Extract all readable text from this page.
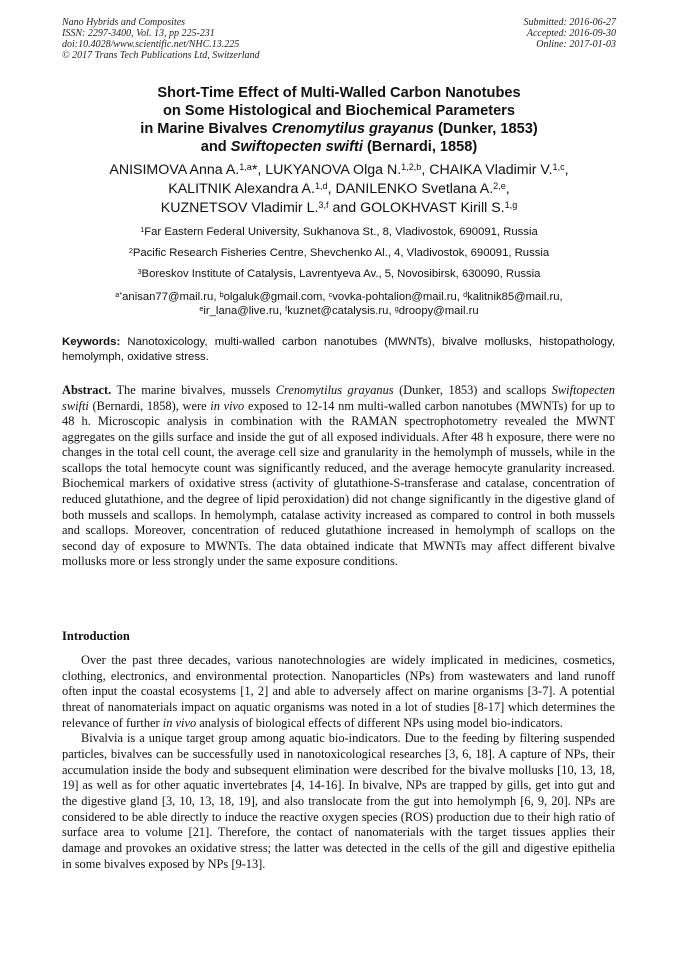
Nano Hybrids and Composites
ISSN: 2297-3400, Vol. 13, pp 225-231
doi:10.4028/www.scientific.net/NHC.13.225
© 2017 Trans Tech Publications Ltd, Switzerland
Submitted: 2016-06-27
Accepted: 2016-09-30
Online: 2017-01-03
Short-Time Effect of Multi-Walled Carbon Nanotubes
on Some Histological and Biochemical Parameters
in Marine Bivalves Crenomytilus grayanus (Dunker, 1853)
and Swiftopecten swifti (Bernardi, 1858)

ANISIMOVA Anna A.$^{1,a}$*, LUKYANOVA Olga N.$^{1,2,b}$, CHAIKA Vladimir V.$^{1,c}$,
KALITNIK Alexandra A.$^{1,d}$, DANILENKO Svetlana A.$^{2,e}$,
KUZNETSOV Vladimir L.$^{3,f}$ and GOLOKHVAST Kirill S.$^{1,g}$

$^1$Far Eastern Federal University, Sukhanova St., 8, Vladivostok, 690091, Russia

$^2$Pacific Research Fisheries Centre, Shevchenko Al., 4, Vladivostok, 690091, Russia

$^3$Boreskov Institute of Catalysis, Lavrentyeva Av., 5, Novosibirsk, 630090, Russia

$^{a*}$anisan77@mail.ru, $^b$olgaluk@gmail.com, $^c$vovka-pohtalion@mail.ru, $^d$kalitnik85@mail.ru,
$^e$ir_lana@live.ru, $^f$kuznet@catalysis.ru, $^g$droopy@mail.ru

Keywords: Nanotoxicology, multi-walled carbon nanotubes (MWNTs), bivalve mollusks, histopathology, hemolymph, oxidative stress.

Abstract. The marine bivalves, mussels Crenomytilus grayanus (Dunker, 1853) and scallops Swiftopecten swifti (Bernardi, 1858), were in vivo exposed to 12-14 nm multi-walled carbon nanotubes (MWNTs) for up to 48 h. Microscopic analysis in combination with the RAMAN spectrophotometry revealed the MWNT aggregates on the gills surface and inside the gut of all exposed individuals. After 48 h exposure, there were no changes in the total cell count, the average cell size and granularity in the hemolymph of mussels, while in the scallops the total hemocyte count was significantly reduced, and the average hemocyte granularity increased. Biochemical markers of oxidative stress (activity of glutathione-S-transferase and catalase, concentration of reduced glutathione, and the degree of lipid peroxidation) did not change significantly in the digestive gland of both mussels and scallops. In hemolymph, catalase activity increased as compared to control in both mussels and scallops. Moreover, concentration of reduced glutathione increased in hemolymph of scallops on the second day of exposure to MWNTs. The data obtained indicate that MWNTs may affect different bivalve mollusks more or less strongly under the same exposure conditions.

Introduction

Over the past three decades, various nanotechnologies are widely implicated in medicines, cosmetics, clothing, electronics, and environmental protection. Nanoparticles (NPs) from wastewaters and land runoff often input the coastal ecosystems [1, 2] and able to adversely affect on marine organisms [3-7]. A potential threat of nanomaterials impact on aquatic organisms was noted in a lot of studies [8-17] which determines the relevance of further in vivo analysis of biological effects of different NPs using model bio-indicators.

Bivalvia is a unique target group among aquatic bio-indicators. Due to the feeding by filtering suspended particles, bivalves can be successfully used in nanotoxicological researches [3, 6, 18]. A capture of NPs, their accumulation inside the body and subsequent elimination were described for the bivalve mollusks [10, 13, 18, 19] as well as for other aquatic invertebrates [4, 14-16]. In bivalve, NPs are trapped by gills, get into gut and the digestive gland [3, 10, 13, 18, 19], and also translocate from the gut into hemolymph [6, 9, 20]. NPs are considered to be able directly to induce the reactive oxygen species (ROS) production due to their high ratio of surface area to volume [21]. Therefore, the contact of nanomaterials with the target tissues applies their damage and provokes an oxidative stress; the latter was detected in the cells of the gill and digestive epithelia in some bivalves exposed by NPs [9-13].
